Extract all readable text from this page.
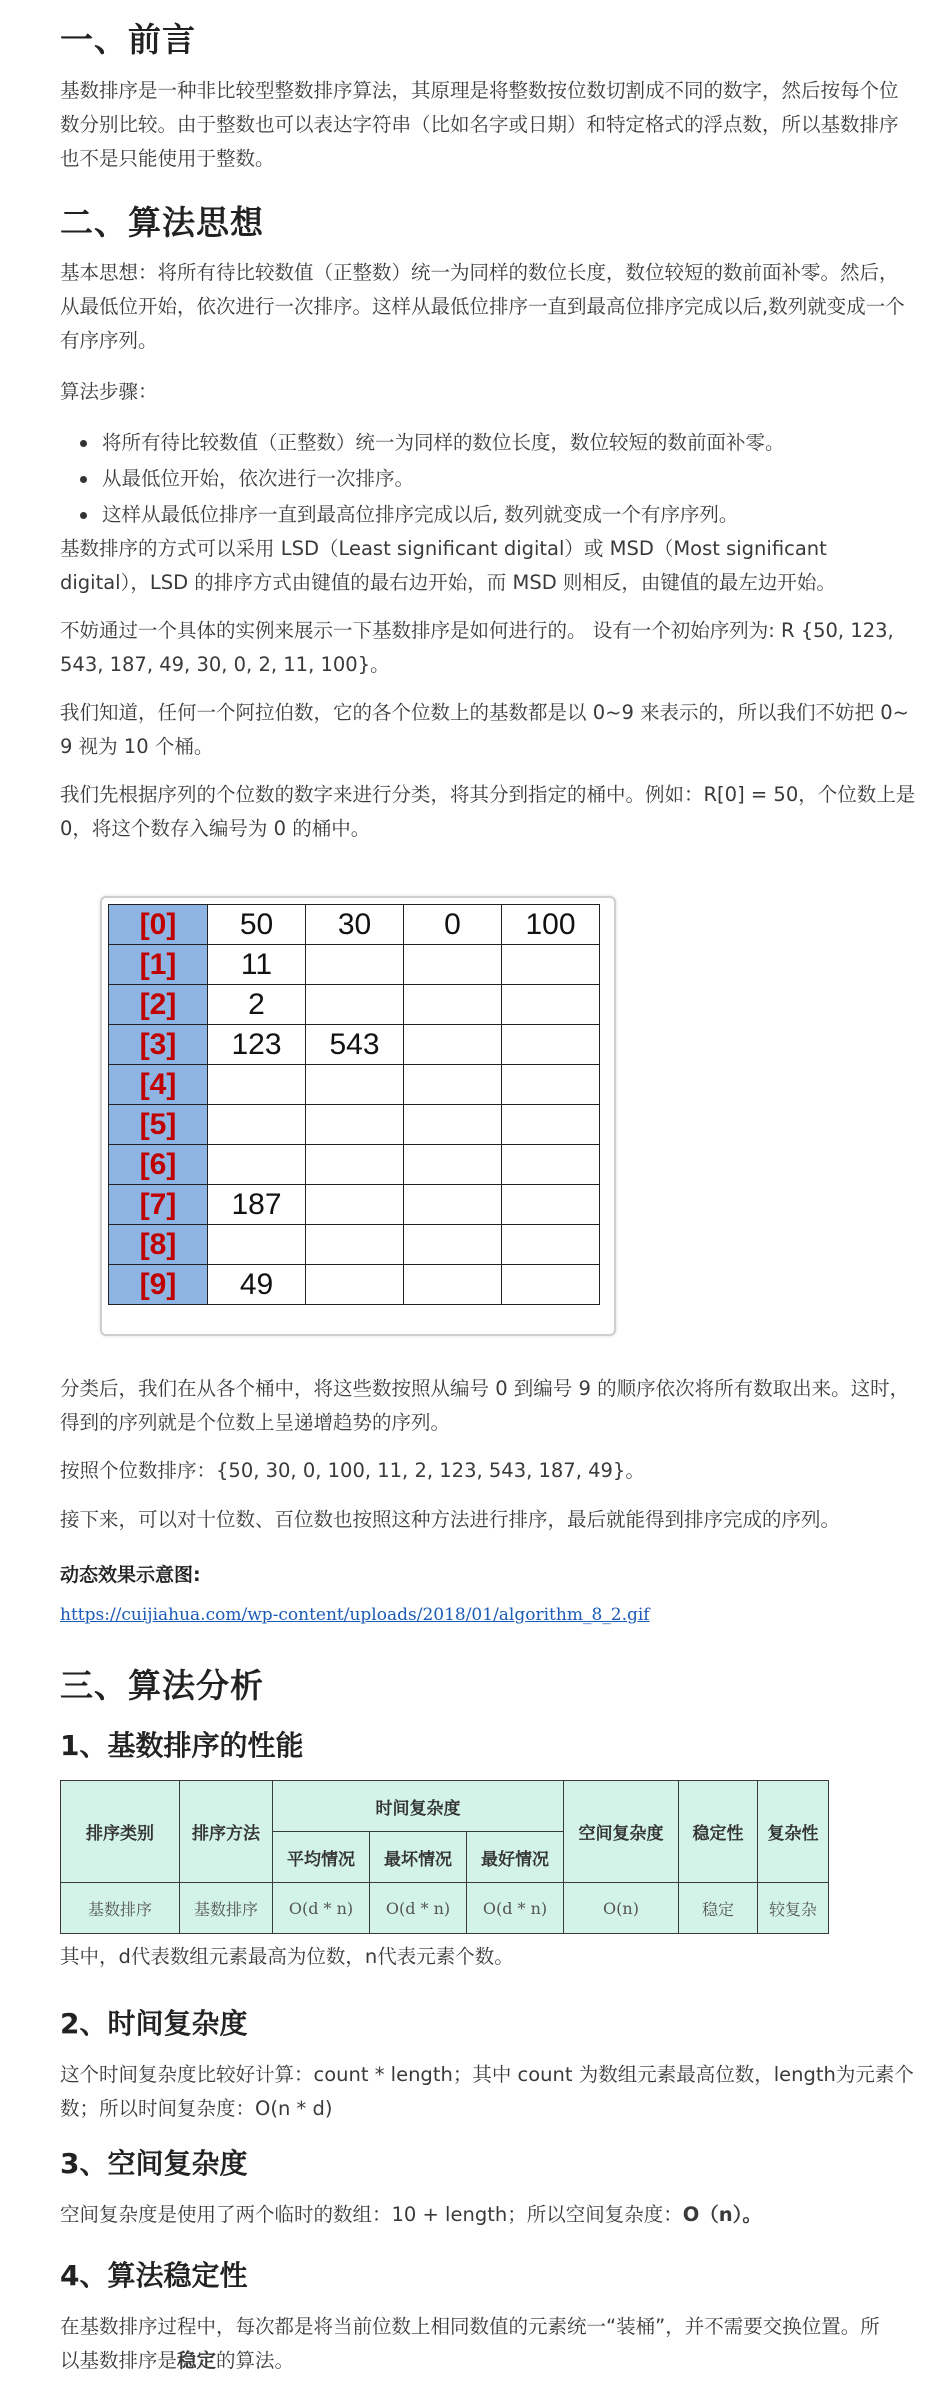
一、前言

基数排序是一种非比较型整数排序算法，其原理是将整数按位数切割成不同的数字，然后按每个位
数分别比较。由于整数也可以表达字符串（比如名字或日期）和特定格式的浮点数，所以基数排序
也不是只能使用于整数。

二、算法思想

基本思想：将所有待比较数值（正整数）统一为同样的数位长度，数位较短的数前面补零。然后，
从最低位开始，依次进行一次排序。这样从最低位排序一直到最高位排序完成以后,数列就变成一个
有序序列。

算法步骤：

将所有待比较数值（正整数）统一为同样的数位长度，数位较短的数前面补零。
从最低位开始，依次进行一次排序。
这样从最低位排序一直到最高位排序完成以后, 数列就变成一个有序序列。

基数排序的方式可以采用 LSD（Least significant digital）或 MSD（Most significant
digital），LSD 的排序方式由键值的最右边开始，而 MSD 则相反，由键值的最左边开始。

不妨通过一个具体的实例来展示一下基数排序是如何进行的。 设有一个初始序列为: R {50, 123,
543, 187, 49, 30, 0, 2, 11, 100}。

我们知道，任何一个阿拉伯数，它的各个位数上的基数都是以 0~9 来表示的，所以我们不妨把 0~
9 视为 10 个桶。

我们先根据序列的个位数的数字来进行分类，将其分到指定的桶中。例如：R[0] = 50，个位数上是
0，将这个数存入编号为 0 的桶中。

[0]	50	30	0	100
[1]	11			
[2]	2			
[3]	123	543		
[4]				
[5]				
[6]				
[7]	187			
[8]				
[9]	49			

分类后，我们在从各个桶中，将这些数按照从编号 0 到编号 9 的顺序依次将所有数取出来。这时，
得到的序列就是个位数上呈递增趋势的序列。

按照个位数排序：{50, 30, 0, 100, 11, 2, 123, 543, 187, 49}。

接下来，可以对十位数、百位数也按照这种方法进行排序，最后就能得到排序完成的序列。

动态效果示意图:

https://cuijiahua.com/wp-content/uploads/2018/01/algorithm_8_2.gif
三、算法分析
1、基数排序的性能
排序类别	排序方法	时间复杂度			空间复杂度	稳定性	复杂性
		平均情况	最坏情况	最好情况			
基数排序	基数排序	O(d * n)	O(d * n)	O(d * n)	O(n)	稳定	较复杂

其中，d代表数组元素最高为位数，n代表元素个数。

2、时间复杂度

这个时间复杂度比较好计算：count * length；其中 count 为数组元素最高位数，length为元素个
数；所以时间复杂度：O(n * d)

3、空间复杂度

空间复杂度是使用了两个临时的数组：10 + length；所以空间复杂度：O（n）。

4、算法稳定性

在基数排序过程中，每次都是将当前位数上相同数值的元素统一“装桶”，并不需要交换位置。所
以基数排序是稳定的算法。
